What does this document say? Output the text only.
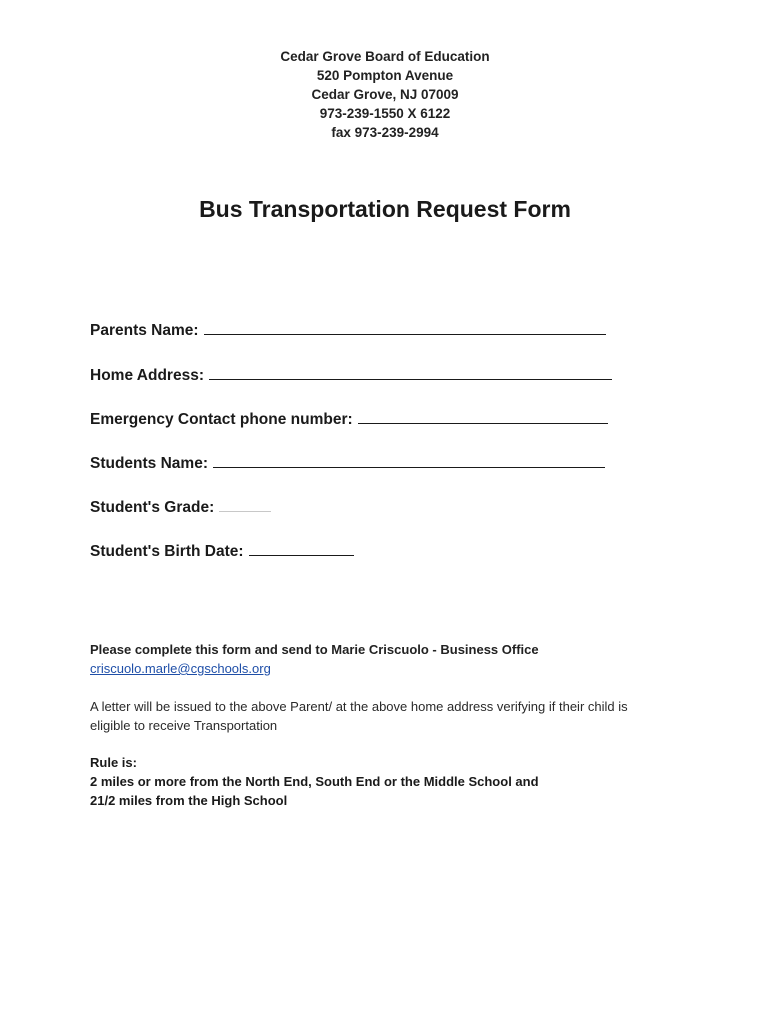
Cedar Grove Board of Education
520 Pompton Avenue
Cedar Grove, NJ 07009
973-239-1550 X 6122
fax 973-239-2994
Bus Transportation Request Form
Parents Name:
Home Address:
Emergency Contact phone number:
Students Name:
Student's Grade:
Student's Birth Date:
Please complete this form and send to Marie Criscuolo - Business Office
criscuolo.marle@cgschools.org
A letter will be issued to the above Parent/ at the above home address verifying if their child is eligible to receive Transportation
Rule is:
2 miles or more from the North End, South End or the Middle School and
21/2 miles from the High School
